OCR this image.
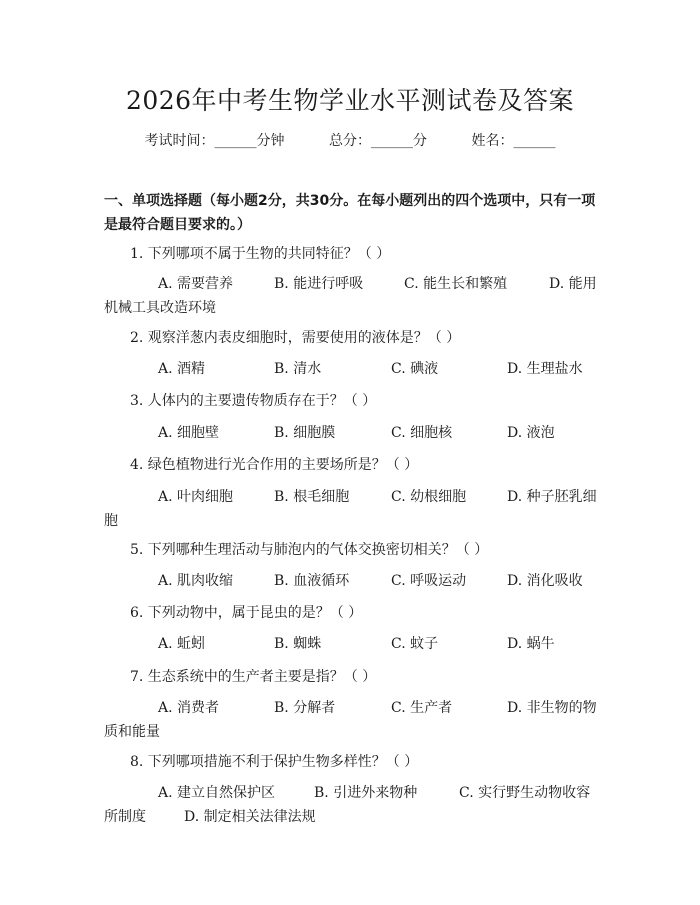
2026年中考生物学业水平测试卷及答案
考试时间：______分钟	总分：______分	姓名：______
一、单项选择题（每小题2分，共30分。在每小题列出的四个选项中，只有一项
是最符合题目要求的。）
1. 下列哪项不属于生物的共同特征？（ ）
A. 需要营养	B. 能进行呼吸	C. 能生长和繁殖	D. 能用
机械工具改造环境
2. 观察洋葱内表皮细胞时，需要使用的液体是？（ ）
A. 酒精	B. 清水	C. 碘液	D. 生理盐水
3. 人体内的主要遗传物质存在于？（ ）
A. 细胞壁	B. 细胞膜	C. 细胞核	D. 液泡
4. 绿色植物进行光合作用的主要场所是？（ ）
A. 叶肉细胞	B. 根毛细胞	C. 幼根细胞	D. 种子胚乳细
胞
5. 下列哪种生理活动与肺泡内的气体交换密切相关？（ ）
A. 肌肉收缩	B. 血液循环	C. 呼吸运动	D. 消化吸收
6. 下列动物中，属于昆虫的是？（ ）
A. 蚯蚓	B. 蜘蛛	C. 蚊子	D. 蜗牛
7. 生态系统中的生产者主要是指？（ ）
A. 消费者	B. 分解者	C. 生产者	D. 非生物的物
质和能量
8. 下列哪项措施不利于保护生物多样性？（ ）
A. 建立自然保护区	B. 引进外来物种	C. 实行野生动物收容
所制度	D. 制定相关法律法规
